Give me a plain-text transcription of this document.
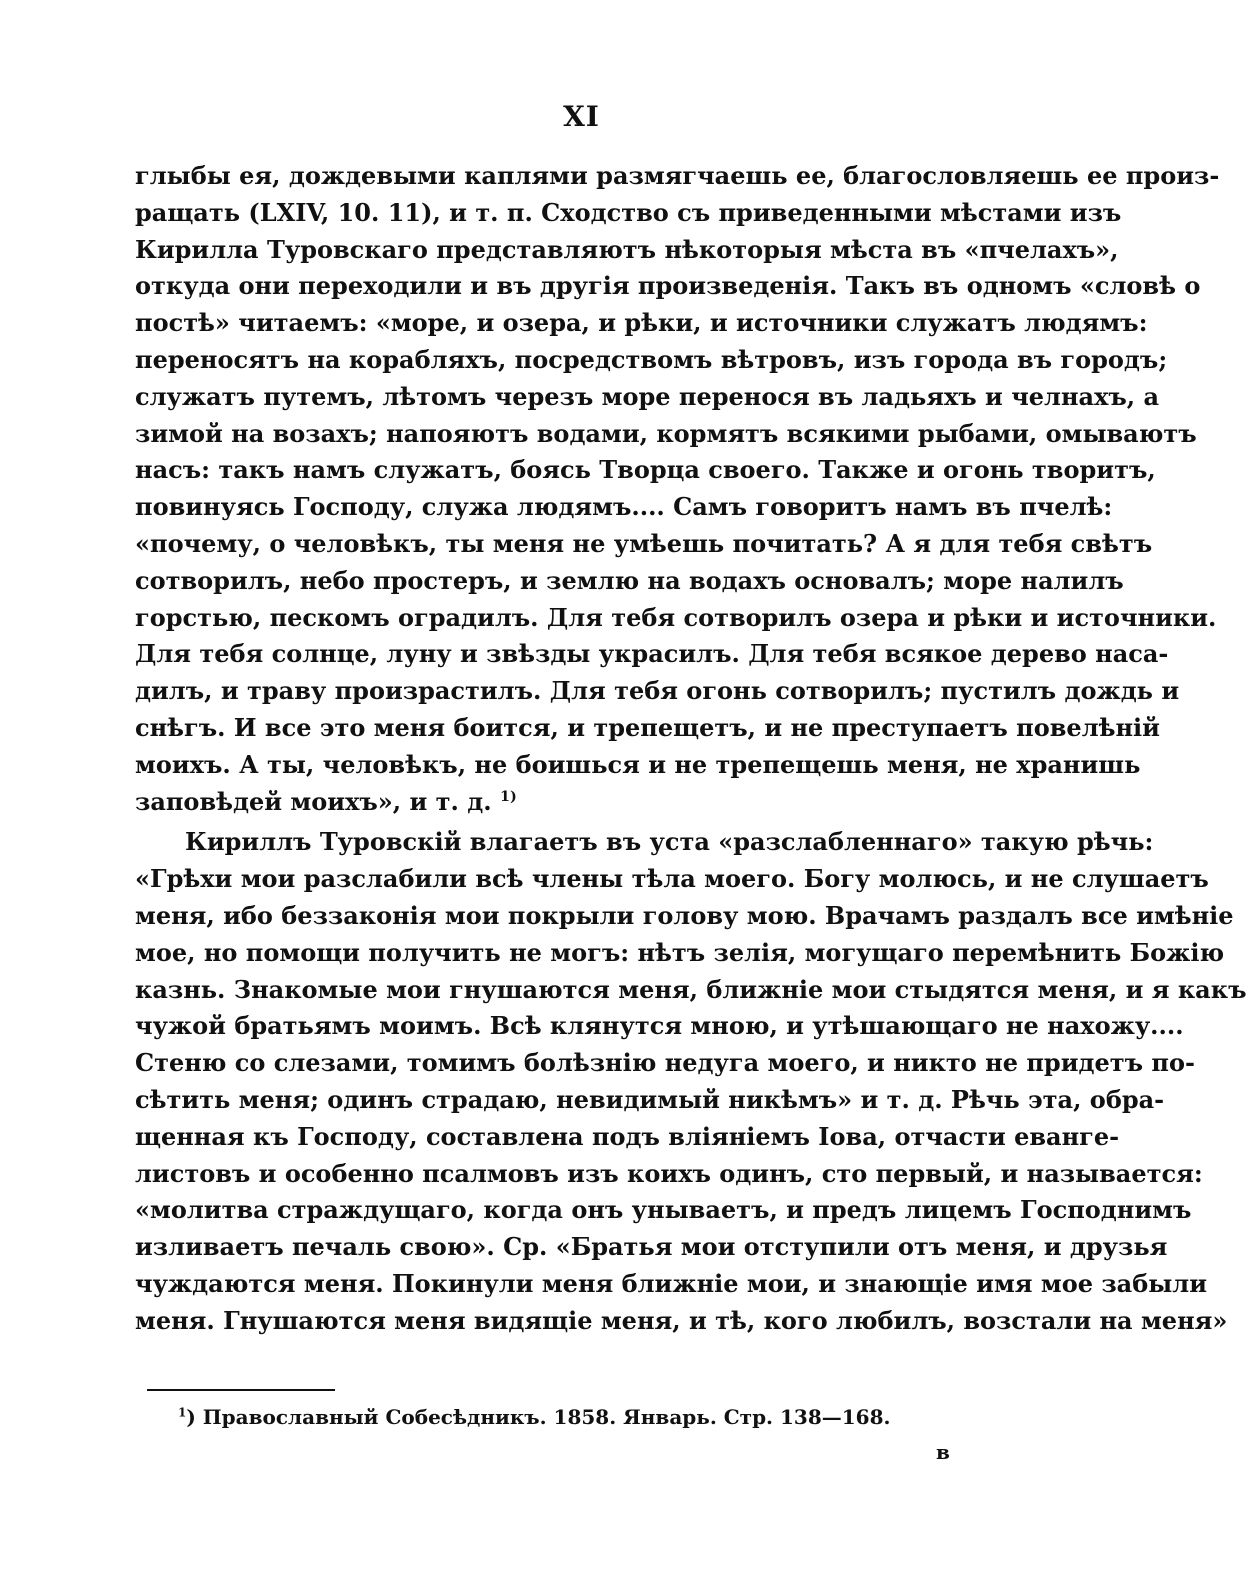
XI
глыбы ея, дождевыми каплями размягчаешь ее, благословляешь ее произ-
ращать (LXIV, 10. 11), и т. п. Сходство съ приведенными мѣстами изъ
Кирилла Туровскаго представляютъ нѣкоторыя мѣста въ «пчелахъ»,
откуда они переходили и въ другія произведенія. Такъ въ одномъ «словѣ о
постѣ» читаемъ: «море, и озера, и рѣки, и источники служатъ людямъ:
переносятъ на корабляхъ, посредствомъ вѣтровъ, изъ города въ городъ;
служатъ путемъ, лѣтомъ черезъ море перенося въ ладьяхъ и челнахъ, а
зимой на возахъ; напояютъ водами, кормятъ всякими рыбами, омываютъ
насъ: такъ намъ служатъ, боясь Творца своего. Также и огонь творитъ,
повинуясь Господу, служа людямъ.... Самъ говоритъ намъ въ пчелѣ:
«почему, о человѣкъ, ты меня не умѣешь почитать? А я для тебя свѣтъ
сотворилъ, небо простеръ, и землю на водахъ основалъ; море налилъ
горстью, пескомъ оградилъ. Для тебя сотворилъ озера и рѣки и источники.
Для тебя солнце, луну и звѣзды украсилъ. Для тебя всякое дерево наса-
дилъ, и траву произрастилъ. Для тебя огонь сотворилъ; пустилъ дождь и
снѣгъ. И все это меня боится, и трепещетъ, и не преступаетъ повелѣній
моихъ. А ты, человѣкъ, не боишься и не трепещешь меня, не хранишь
заповѣдей моихъ», и т. д. $^{1)}$
Кириллъ Туровскій влагаетъ въ уста «разслабленнаго» такую рѣчь:
«Грѣхи мои разслабили всѣ члены тѣла моего. Богу молюсь, и не слушаетъ
меня, ибо беззаконія мои покрыли голову мою. Врачамъ раздалъ все имѣніе
мое, но помощи получить не могъ: нѣтъ зелія, могущаго перемѣнить Божію
казнь. Знакомые мои гнушаются меня, ближніе мои стыдятся меня, и я какъ
чужой братьямъ моимъ. Всѣ клянутся мною, и утѣшающаго не нахожу....
Стеню со слезами, томимъ болѣзнію недуга моего, и никто не придетъ по-
сѣтить меня; одинъ страдаю, невидимый никѣмъ» и т. д. Рѣчь эта, обра-
щенная къ Господу, составлена подъ вліяніемъ Іова, отчасти еванге-
листовъ и особенно псалмовъ изъ коихъ одинъ, сто первый, и называется:
«молитва страждущаго, когда онъ унываетъ, и предъ лицемъ Господнимъ
изливаетъ печаль свою». Ср. «Братья мои отступили отъ меня, и друзья
чуждаются меня. Покинули меня ближніе мои, и знающіе имя мое забыли
меня. Гнушаются меня видящіе меня, и тѣ, кого любилъ, возстали на меня»
$^1$) Православный Собесѣдникъ. 1858. Январь. Стр. 138—168.
в
